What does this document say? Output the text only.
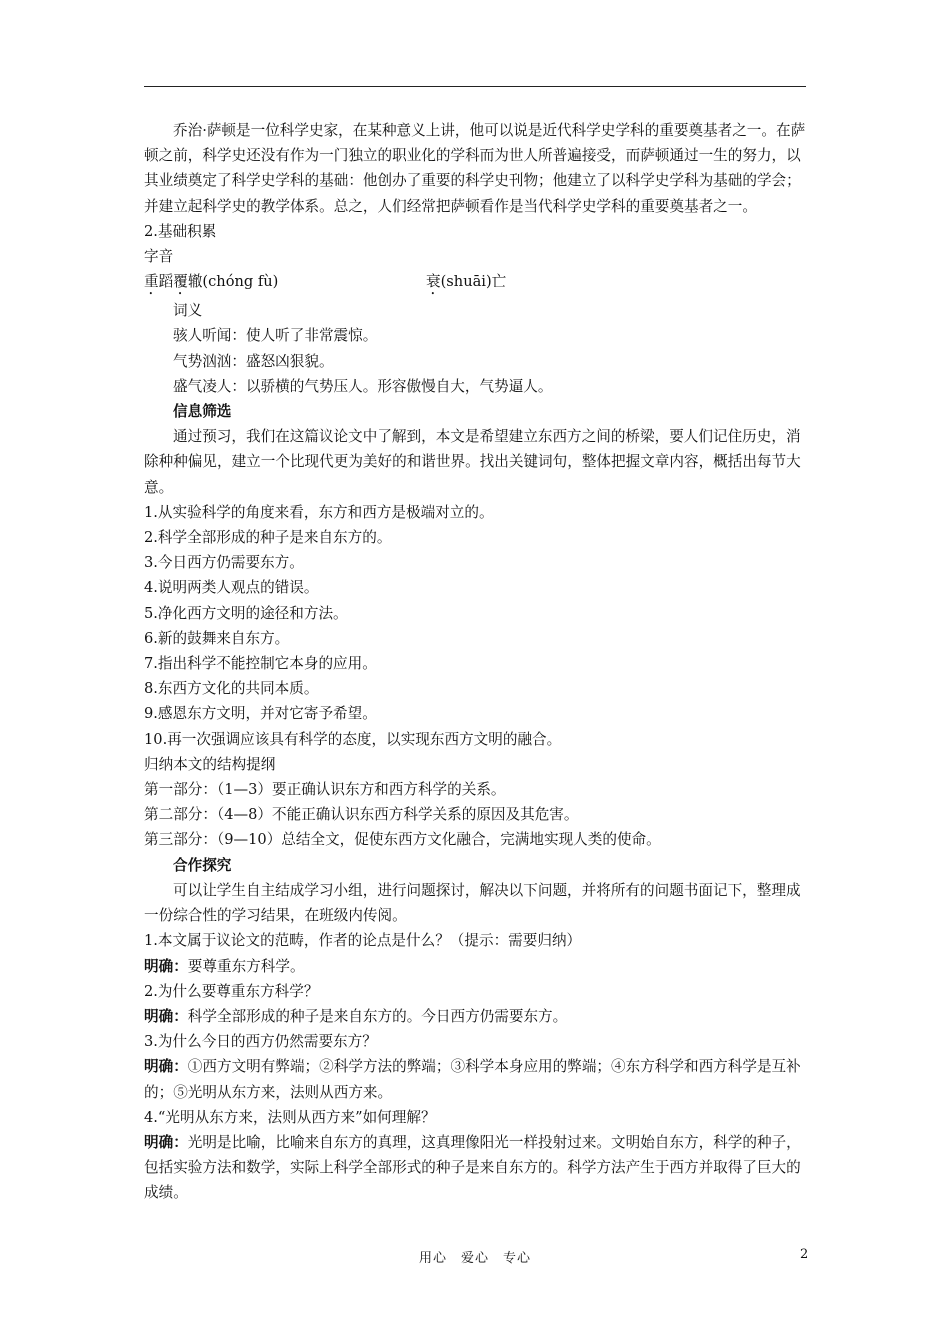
乔治·萨顿是一位科学史家，在某种意义上讲，他可以说是近代科学史学科的重要奠基者之一。在萨顿之前，科学史还没有作为一门独立的职业化的学科而为世人所普遍接受，而萨顿通过一生的努力，以其业绩奠定了科学史学科的基础：他创办了重要的科学史刊物；他建立了以科学史学科为基础的学会；并建立起科学史的教学体系。总之，人们经常把萨顿看作是当代科学史学科的重要奠基者之一。

2.基础积累

字音

重蹈覆辙(chóng fù)	衰(shuāi)亡

词义

骇人听闻：使人听了非常震惊。

气势汹汹：盛怒凶狠貌。

盛气凌人：以骄横的气势压人。形容傲慢自大，气势逼人。

信息筛选

通过预习，我们在这篇议论文中了解到，本文是希望建立东西方之间的桥梁，要人们记住历史，消除种种偏见，建立一个比现代更为美好的和谐世界。找出关键词句，整体把握文章内容，概括出每节大意。

1.从实验科学的角度来看，东方和西方是极端对立的。

2.科学全部形成的种子是来自东方的。

3.今日西方仍需要东方。

4.说明两类人观点的错误。

5.净化西方文明的途径和方法。

6.新的鼓舞来自东方。

7.指出科学不能控制它本身的应用。

8.东西方文化的共同本质。

9.感恩东方文明，并对它寄予希望。

10.再一次强调应该具有科学的态度，以实现东西方文明的融合。

归纳本文的结构提纲

第一部分：（1—3）要正确认识东方和西方科学的关系。

第二部分：（4—8）不能正确认识东西方科学关系的原因及其危害。

第三部分：（9—10）总结全文，促使东西方文化融合，完满地实现人类的使命。

合作探究

可以让学生自主结成学习小组，进行问题探讨，解决以下问题，并将所有的问题书面记下，整理成一份综合性的学习结果，在班级内传阅。

1.本文属于议论文的范畴，作者的论点是什么？（提示：需要归纳）

明确：要尊重东方科学。

2.为什么要尊重东方科学？

明确：科学全部形成的种子是来自东方的。今日西方仍需要东方。

3.为什么今日的西方仍然需要东方？

明确：①西方文明有弊端；②科学方法的弊端；③科学本身应用的弊端；④东方科学和西方科学是互补的；⑤光明从东方来，法则从西方来。

4.“光明从东方来，法则从西方来”如何理解？

明确：光明是比喻，比喻来自东方的真理，这真理像阳光一样投射过来。文明始自东方，科学的种子，包括实验方法和数学，实际上科学全部形式的种子是来自东方的。科学方法产生于西方并取得了巨大的成绩。

用心　爱心　专心	2
